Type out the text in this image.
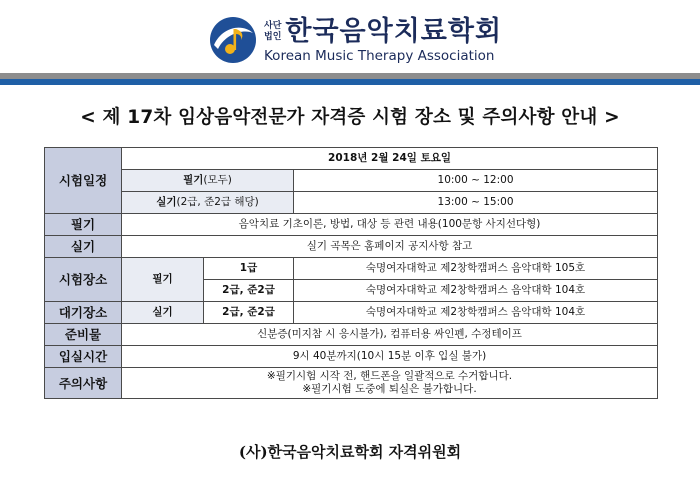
사단
법인 한국음악치료학회
Korean Music Therapy Association
< 제 17차 임상음악전문가 자격증 시험 장소 및 주의사항 안내 >
시험일정	2018년 2월 24일 토요일		
	필기(모두)		10:00 ~ 12:00
	실기(2급, 준2급 해당)		13:00 ~ 15:00
필기	음악치료 기초이론, 방법, 대상 등 관련 내용(100문항 사지선다형)		
실기	실기 곡목은 홈페이지 공지사항 참고		
시험장소	필기	1급	숙명여자대학교 제2창학캠퍼스 음악대학 105호
		2급, 준2급	숙명여자대학교 제2창학캠퍼스 음악대학 104호
대기장소	실기	2급, 준2급	숙명여자대학교 제2창학캠퍼스 음악대학 104호
준비물	신분증(미지참 시 응시불가), 컴퓨터용 싸인펜, 수정테이프		
입실시간	9시 40분까지(10시 15분 이후 입실 불가)		
주의사항	※필기시험 시작 전, 핸드폰을 일괄적으로 수거합니다.
※필기시험 도중에 퇴실은 불가합니다.		
(사)한국음악치료학회 자격위원회
